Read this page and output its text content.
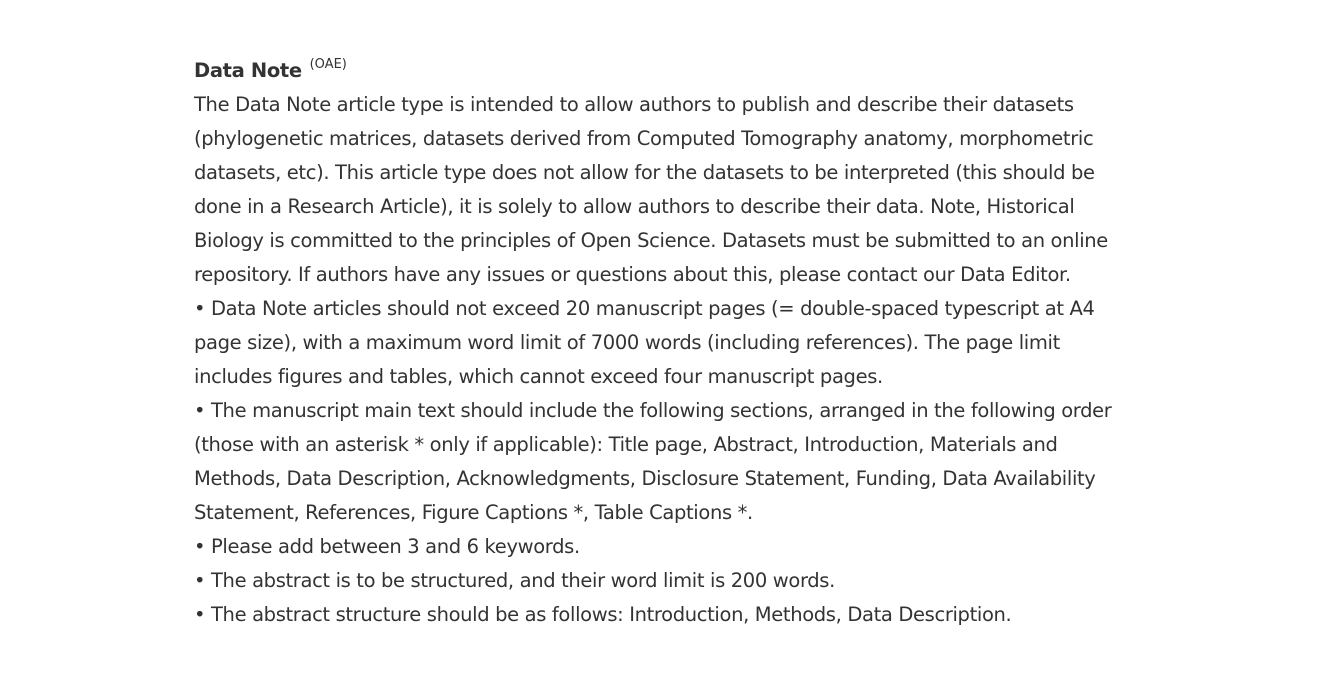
Data Note $^{(OAE)}$

The Data Note article type is intended to allow authors to publish and describe their datasets (phylogenetic matrices, datasets derived from Computed Tomography anatomy, morphometric datasets, etc). This article type does not allow for the datasets to be interpreted (this should be done in a Research Article), it is solely to allow authors to describe their data. Note, Historical Biology is committed to the principles of Open Science. Datasets must be submitted to an online repository. If authors have any issues or questions about this, please contact our Data Editor.

• Data Note articles should not exceed 20 manuscript pages (= double-spaced typescript at A4 page size), with a maximum word limit of 7000 words (including references). The page limit includes figures and tables, which cannot exceed four manuscript pages.
• The manuscript main text should include the following sections, arranged in the following order (those with an asterisk * only if applicable): Title page, Abstract, Introduction, Materials and Methods, Data Description, Acknowledgments, Disclosure Statement, Funding, Data Availability Statement, References, Figure Captions *, Table Captions *.
• Please add between 3 and 6 keywords.
• The abstract is to be structured, and their word limit is 200 words.
• The abstract structure should be as follows: Introduction, Methods, Data Description.
